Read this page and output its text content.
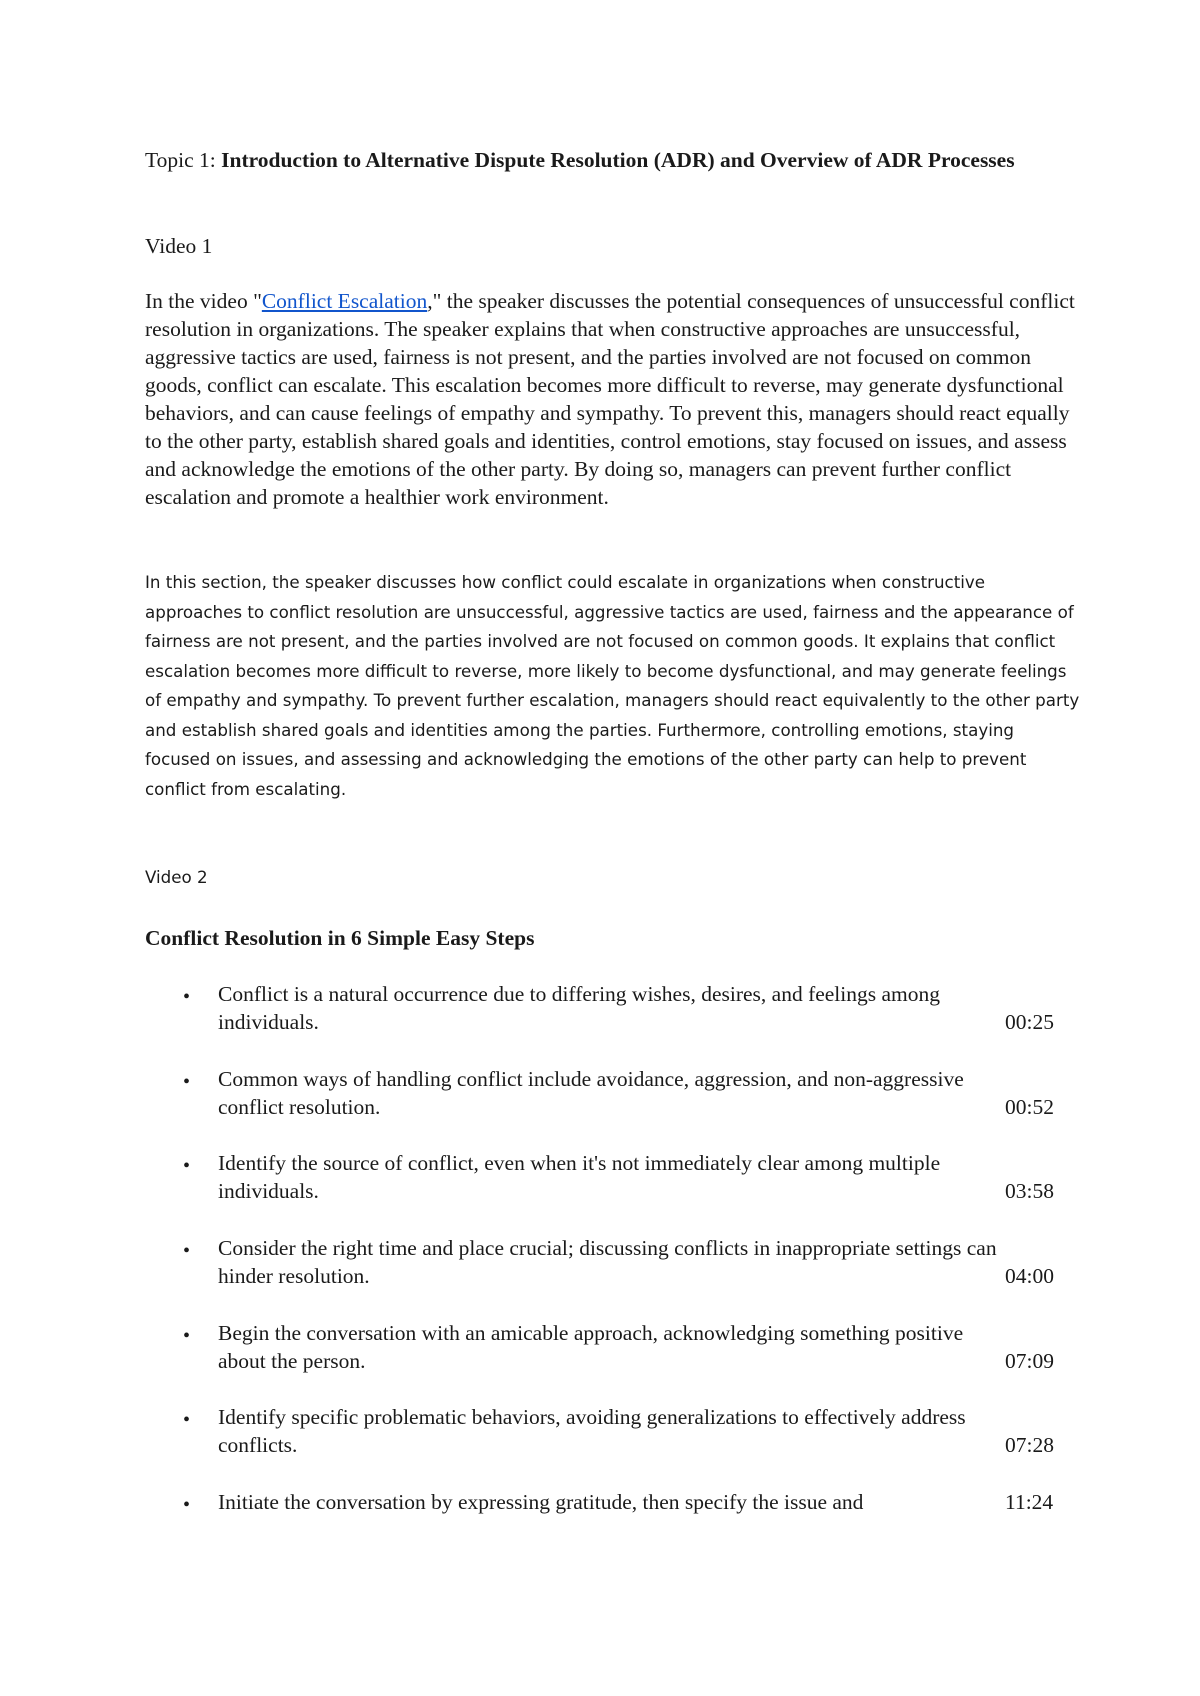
Topic 1: Introduction to Alternative Dispute Resolution (ADR) and Overview of ADR Processes
Video 1
In the video "Conflict Escalation," the speaker discusses the potential consequences of unsuccessful conflict resolution in organizations. The speaker explains that when constructive approaches are unsuccessful, aggressive tactics are used, fairness is not present, and the parties involved are not focused on common goods, conflict can escalate. This escalation becomes more difficult to reverse, may generate dysfunctional behaviors, and can cause feelings of empathy and sympathy. To prevent this, managers should react equally to the other party, establish shared goals and identities, control emotions, stay focused on issues, and assess and acknowledge the emotions of the other party. By doing so, managers can prevent further conflict escalation and promote a healthier work environment.
In this section, the speaker discusses how conflict could escalate in organizations when constructive approaches to conflict resolution are unsuccessful, aggressive tactics are used, fairness and the appearance of fairness are not present, and the parties involved are not focused on common goods. It explains that conflict escalation becomes more difficult to reverse, more likely to become dysfunctional, and may generate feelings of empathy and sympathy. To prevent further escalation, managers should react equivalently to the other party and establish shared goals and identities among the parties. Furthermore, controlling emotions, staying focused on issues, and assessing and acknowledging the emotions of the other party can help to prevent conflict from escalating.
Video 2
Conflict Resolution in 6 Simple Easy Steps
• Conflict is a natural occurrence due to differing wishes, desires, and feelings among individuals.	00:25
• Common ways of handling conflict include avoidance, aggression, and non-aggressive conflict resolution.	00:52
• Identify the source of conflict, even when it's not immediately clear among multiple individuals.	03:58
• Consider the right time and place crucial; discussing conflicts in inappropriate settings can hinder resolution.	04:00
• Begin the conversation with an amicable approach, acknowledging something positive about the person.	07:09
• Identify specific problematic behaviors, avoiding generalizations to effectively address conflicts.	07:28
• Initiate the conversation by expressing gratitude, then specify the issue and	11:24
